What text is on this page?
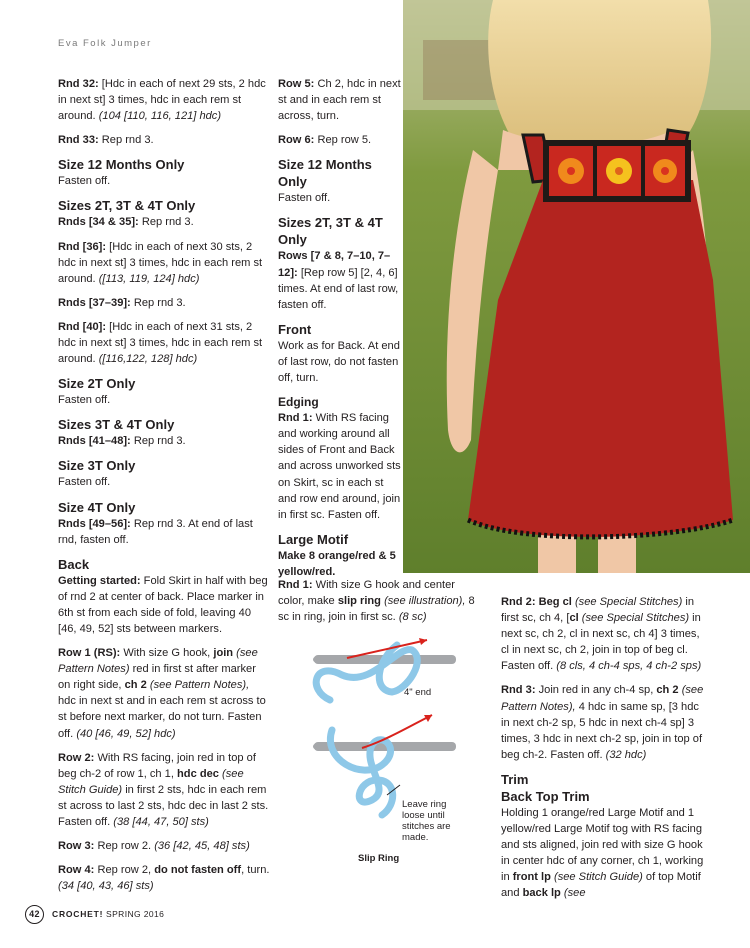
Eva Folk Jumper

Rnd 32: [Hdc in each of next 29 sts, 2 hdc in next st] 3 times, hdc in each rem st around. (104 [110, 116, 121] hdc)

Rnd 33: Rep rnd 3.

Size 12 Months Only

Fasten off.

Sizes 2T, 3T & 4T Only

Rnds [34 & 35]: Rep rnd 3.

Rnd [36]: [Hdc in each of next 30 sts, 2 hdc in next st] 3 times, hdc in each rem st around. ([113, 119, 124] hdc)

Rnds [37–39]: Rep rnd 3.

Rnd [40]: [Hdc in each of next 31 sts, 2 hdc in next st] 3 times, hdc in each rem st around. ([116,122, 128] hdc)

Size 2T Only

Fasten off.

Sizes 3T & 4T Only

Rnds [41–48]: Rep rnd 3.

Size 3T Only

Fasten off.

Size 4T Only

Rnds [49–56]: Rep rnd 3. At end of last rnd, fasten off.

Back

Getting started: Fold Skirt in half with beg of rnd 2 at center of back. Place marker in 6th st from each side of fold, leaving 40 [46, 49, 52] sts between markers.

Row 1 (RS): With size G hook, join (see Pattern Notes) red in first st after marker on right side, ch 2 (see Pattern Notes), hdc in next st and in each rem st across to st before next marker, do not turn. Fasten off. (40 [46, 49, 52] hdc)

Row 2: With RS facing, join red in top of beg ch-2 of row 1, ch 1, hdc dec (see Stitch Guide) in first 2 sts, hdc in each rem st across to last 2 sts, hdc dec in last 2 sts. Fasten off. (38 [44, 47, 50] sts)

Row 3: Rep row 2. (36 [42, 45, 48] sts)

Row 4: Rep row 2, do not fasten off, turn. (34 [40, 43, 46] sts)

Row 5: Ch 2, hdc in next st and in each rem st across, turn.

Row 6: Rep row 5.

Size 12 Months Only

Fasten off.

Sizes 2T, 3T & 4T Only

Rows [7 & 8, 7–10, 7–12]: [Rep row 5] [2, 4, 6] times. At end of last row, fasten off.

Front

Work as for Back. At end of last row, do not fasten off, turn.

Edging

Rnd 1: With RS facing and working around all sides of Front and Back and across unworked sts on Skirt, sc in each st and row end around, join in first sc. Fasten off.

Large Motif

Make 8 orange/red & 5 yellow/red.

Rnd 1: With size G hook and center color, make slip ring (see illustration), 8 sc in ring, join in first sc. (8 sc)

4" end
Leave ring
loose until
stitches are
made.
Slip Ring

Rnd 2: Beg cl (see Special Stitches) in first sc, ch 4, [cl (see Special Stitches) in next sc, ch 2, cl in next sc, ch 4] 3 times, cl in next sc, ch 2, join in top of beg cl. Fasten off. (8 cls, 4 ch-4 sps, 4 ch-2 sps)

Rnd 3: Join red in any ch-4 sp, ch 2 (see Pattern Notes), 4 hdc in same sp, [3 hdc in next ch-2 sp, 5 hdc in next ch-4 sp] 3 times, 3 hdc in next ch-2 sp, join in top of beg ch-2. Fasten off. (32 hdc)

Trim
Back Top Trim

Holding 1 orange/red Large Motif and 1 yellow/red Large Motif tog with RS facing and sts aligned, join red with size G hook in center hdc of any corner, ch 1, working in front lp (see Stitch Guide) of top Motif and back lp (see

42 CROCHET! SPRING 2016
